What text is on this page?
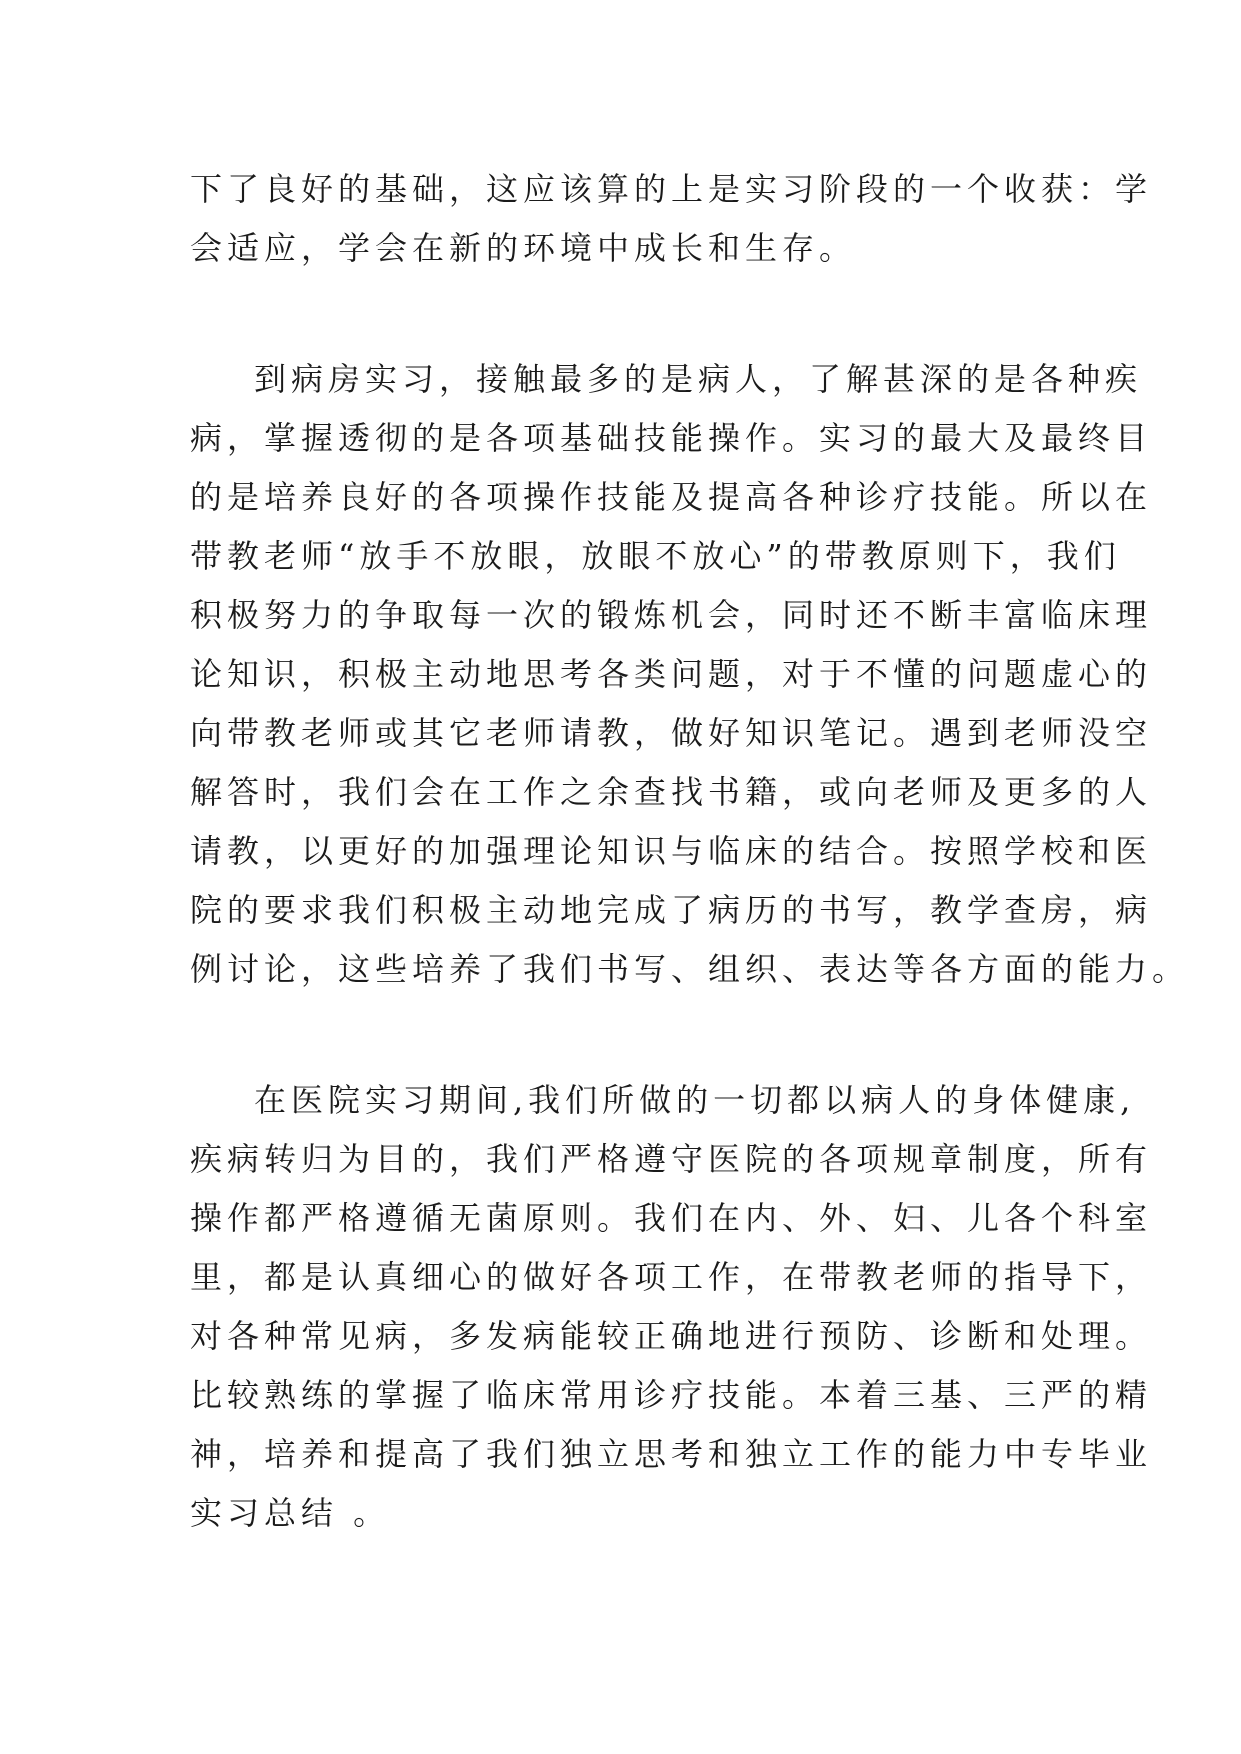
下了良好的基础，这应该算的上是实习阶段的一个收获：学
会适应，学会在新的环境中成长和生存。
到病房实习，接触最多的是病人，了解甚深的是各种疾
病，掌握透彻的是各项基础技能操作。实习的最大及最终目
的是培养良好的各项操作技能及提高各种诊疗技能。所以在
带教老师“放手不放眼，放眼不放心”的带教原则下，我们
积极努力的争取每一次的锻炼机会，同时还不断丰富临床理
论知识，积极主动地思考各类问题，对于不懂的问题虚心的
向带教老师或其它老师请教，做好知识笔记。遇到老师没空
解答时，我们会在工作之余查找书籍，或向老师及更多的人
请教，以更好的加强理论知识与临床的结合。按照学校和医
院的要求我们积极主动地完成了病历的书写，教学查房，病
例讨论，这些培养了我们书写、组织、表达等各方面的能力。
在医院实习期间,我们所做的一切都以病人的身体健康,
疾病转归为目的，我们严格遵守医院的各项规章制度，所有
操作都严格遵循无菌原则。我们在内、外、妇、儿各个科室
里，都是认真细心的做好各项工作，在带教老师的指导下，
对各种常见病，多发病能较正确地进行预防、诊断和处理。
比较熟练的掌握了临床常用诊疗技能。本着三基、三严的精
神，培养和提高了我们独立思考和独立工作的能力中专毕业
实习总结 。
